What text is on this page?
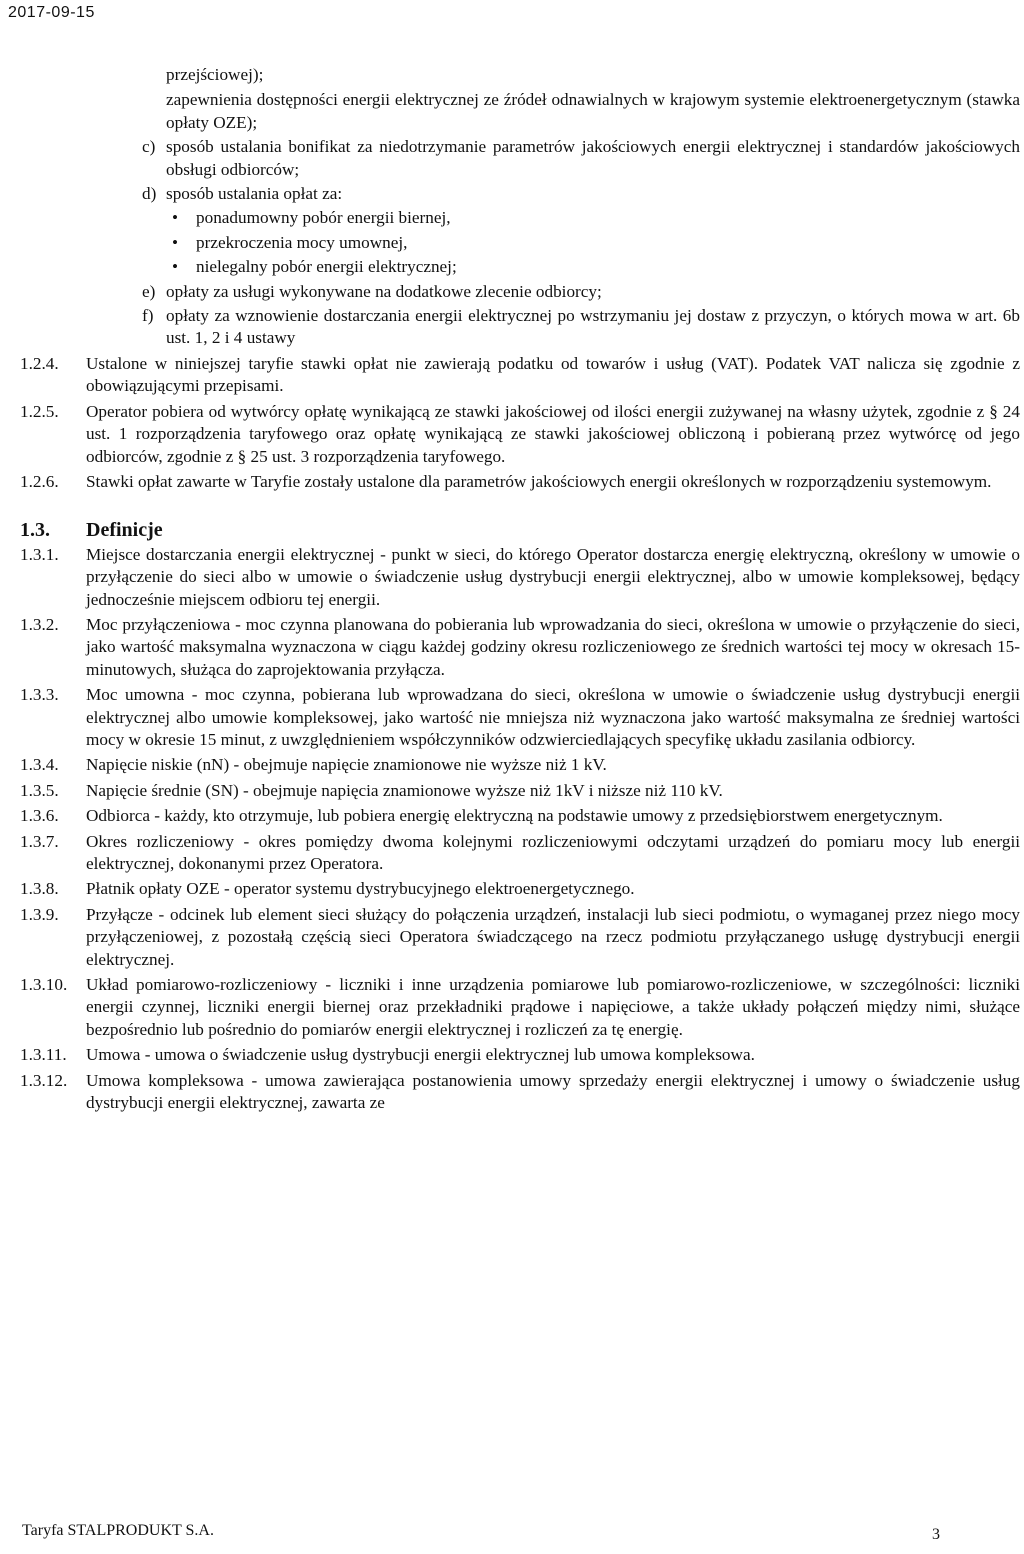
2017-09-15
przejściowej);
zapewnienia dostępności energii elektrycznej ze źródeł odnawialnych w krajowym systemie elektroenergetycznym (stawka opłaty OZE);
c) sposób ustalania bonifikat za niedotrzymanie parametrów jakościowych energii elektrycznej i standardów jakościowych obsługi odbiorców;
d) sposób ustalania opłat za:
•	ponadumowny pobór energii biernej,
•	przekroczenia mocy umownej,
•	nielegalny pobór energii elektrycznej;
e) opłaty za usługi wykonywane na dodatkowe zlecenie odbiorcy;
f) opłaty za wznowienie dostarczania energii elektrycznej po wstrzymaniu jej dostaw z przyczyn, o których mowa w art. 6b ust. 1, 2 i 4 ustawy
1.2.4.	Ustalone w niniejszej taryfie stawki opłat nie zawierają podatku od towarów i usług (VAT). Podatek VAT nalicza się zgodnie z obowiązującymi przepisami.
1.2.5.	Operator pobiera od wytwórcy opłatę wynikającą ze stawki jakościowej od ilości energii zużywanej na własny użytek, zgodnie z § 24 ust. 1 rozporządzenia taryfowego oraz opłatę wynikającą ze stawki jakościowej obliczoną i pobieraną przez wytwórcę od jego odbiorców, zgodnie z § 25 ust. 3 rozporządzenia taryfowego.
1.2.6.	Stawki opłat zawarte w Taryfie zostały ustalone dla parametrów jakościowych energii określonych w rozporządzeniu systemowym.
1.3.	Definicje
1.3.1.	Miejsce dostarczania energii elektrycznej - punkt w sieci, do którego Operator dostarcza energię elektryczną, określony w umowie o przyłączenie do sieci albo w umowie o świadczenie usług dystrybucji energii elektrycznej, albo w umowie kompleksowej, będący jednocześnie miejscem odbioru tej energii.
1.3.2.	Moc przyłączeniowa - moc czynna planowana do pobierania lub wprowadzania do sieci, określona w umowie o przyłączenie do sieci, jako wartość maksymalna wyznaczona w ciągu każdej godziny okresu rozliczeniowego ze średnich wartości tej mocy w okresach 15-minutowych, służąca do zaprojektowania przyłącza.
1.3.3.	Moc umowna - moc czynna, pobierana lub wprowadzana do sieci, określona w umowie o świadczenie usług dystrybucji energii elektrycznej albo umowie kompleksowej, jako wartość nie mniejsza niż wyznaczona jako wartość maksymalna ze średniej wartości mocy w okresie 15 minut, z uwzględnieniem współczynników odzwierciedlających specyfikę układu zasilania odbiorcy.
1.3.4.	Napięcie niskie (nN) - obejmuje napięcie znamionowe nie wyższe niż 1 kV.
1.3.5.	Napięcie średnie (SN) - obejmuje napięcia znamionowe wyższe niż 1kV i niższe niż 110 kV.
1.3.6.	Odbiorca - każdy, kto otrzymuje, lub pobiera energię elektryczną na podstawie umowy z przedsiębiorstwem energetycznym.
1.3.7.	Okres rozliczeniowy - okres pomiędzy dwoma kolejnymi rozliczeniowymi odczytami urządzeń do pomiaru mocy lub energii elektrycznej, dokonanymi przez Operatora.
1.3.8.	Płatnik opłaty OZE - operator systemu dystrybucyjnego elektroenergetycznego.
1.3.9.	Przyłącze - odcinek lub element sieci służący do połączenia urządzeń, instalacji lub sieci podmiotu, o wymaganej przez niego mocy przyłączeniowej, z pozostałą częścią sieci Operatora świadczącego na rzecz podmiotu przyłączanego usługę dystrybucji energii elektrycznej.
1.3.10.	Układ pomiarowo-rozliczeniowy - liczniki i inne urządzenia pomiarowe lub pomiarowo-rozliczeniowe, w szczególności: liczniki energii czynnej, liczniki energii biernej oraz przekładniki prądowe i napięciowe, a także układy połączeń między nimi, służące bezpośrednio lub pośrednio do pomiarów energii elektrycznej i rozliczeń za tę energię.
1.3.11.	Umowa - umowa o świadczenie usług dystrybucji energii elektrycznej lub umowa kompleksowa.
1.3.12.	Umowa kompleksowa - umowa zawierająca postanowienia umowy sprzedaży energii elektrycznej i umowy o świadczenie usług dystrybucji energii elektrycznej, zawarta ze
Taryfa STALPRODUKT S.A.	3
